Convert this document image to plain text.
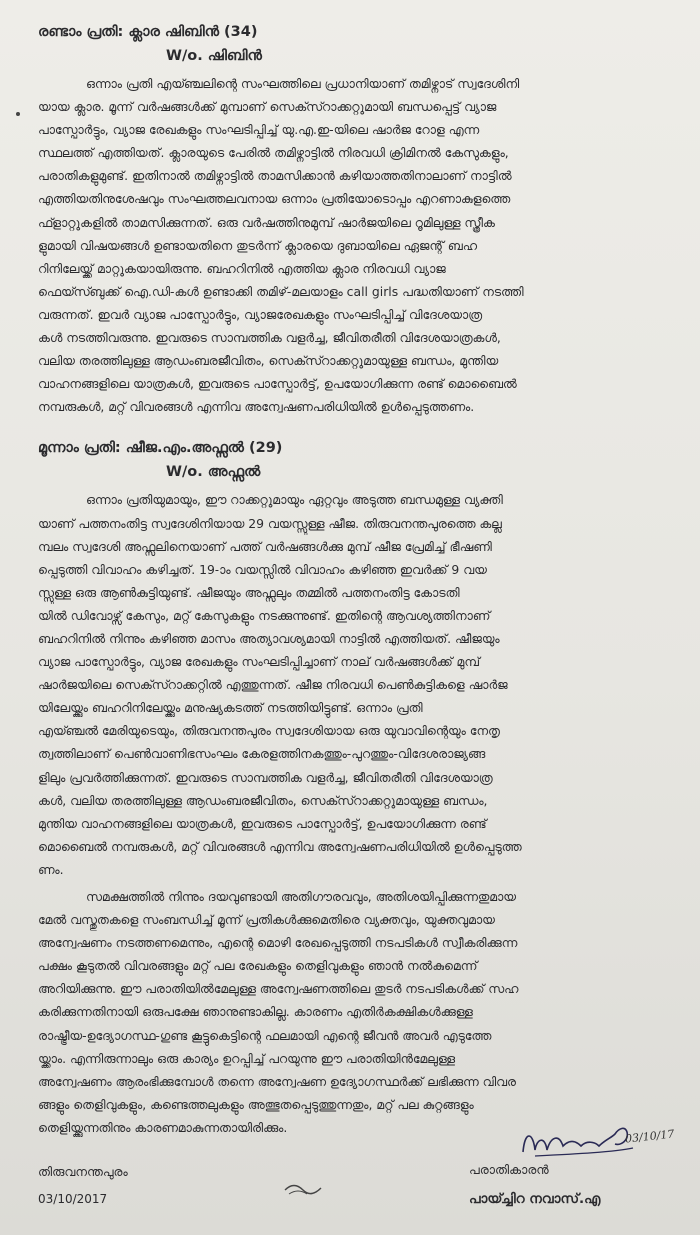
രണ്ടാം പ്രതി: ക്ലാര ഷിബിൻ (34)
W/o. ഷിബിൻ
ഒന്നാം പ്രതി എയ്ഞ്ചലിന്റെ സംഘത്തിലെ പ്രധാനിയാണ് തമിഴ്നാട് സ്വദേശിനി
യായ ക്ലാര. മൂന്ന് വർഷങ്ങൾക്ക് മുമ്പാണ് സെക്സ്റാക്കറ്റുമായി ബന്ധപ്പെട്ട് വ്യാജ
പാസ്പോർട്ടും, വ്യാജ രേഖകളും സംഘടിപ്പിച്ച് യു.എ.ഇ-യിലെ ഷാർജ റോള എന്ന
സ്ഥലത്ത് എത്തിയത്. ക്ലാരയുടെ പേരിൽ തമിഴ്നാട്ടിൽ നിരവധി ക്രിമിനൽ കേസുകളും,
പരാതികളുമുണ്ട്. ഇതിനാൽ തമിഴ്നാട്ടിൽ താമസിക്കാൻ കഴിയാത്തതിനാലാണ് നാട്ടിൽ
എത്തിയതിനുശേഷവും സംഘത്തലവനായ ഒന്നാം പ്രതിയോടൊപ്പം എറണാകുളത്തെ
ഫ്ളാറ്റുകളിൽ താമസിക്കുന്നത്. ഒരു വർഷത്തിനുമുമ്പ് ഷാർജയിലെ റൂമിലുള്ള സ്ത്രീക
ളുമായി വിഷയങ്ങൾ ഉണ്ടായതിനെ തുടർന്ന് ക്ലാരയെ ദുബായിലെ ഏജന്റ് ബഹ
റിനിലേയ്ക്ക് മാറ്റുകയായിരുന്നു. ബഹറിനിൽ എത്തിയ ക്ലാര നിരവധി വ്യാജ
ഫെയ്സ്ബുക്ക് ഐ.ഡി-കൾ ഉണ്ടാക്കി തമിഴ്-മലയാളം call girls പദ്ധതിയാണ് നടത്തി
വരുന്നത്. ഇവർ വ്യാജ പാസ്പോർട്ടും, വ്യാജരേഖകളും സംഘടിപ്പിച്ച് വിദേശയാത്ര
കൾ നടത്തിവരുന്നു. ഇവരുടെ സാമ്പത്തിക വളർച്ച, ജീവിതരീതി വിദേശയാത്രകൾ,
വലിയ തരത്തിലുള്ള ആഡംബരജീവിതം, സെക്സ്റാക്കറ്റുമായുള്ള ബന്ധം, മുന്തിയ
വാഹനങ്ങളിലെ യാത്രകൾ, ഇവരുടെ പാസ്പോർട്ട്, ഉപയോഗിക്കുന്ന രണ്ട് മൊബൈൽ
നമ്പരുകൾ, മറ്റ് വിവരങ്ങൾ എന്നിവ അന്വേഷണപരിധിയിൽ ഉൾപ്പെടുത്തണം.
മൂന്നാം പ്രതി: ഷീജ.എം.അഫ്സൽ (29)
W/o. അഫ്സൽ
ഒന്നാം പ്രതിയുമായും, ഈ റാക്കറ്റുമായും ഏറ്റവും അടുത്ത ബന്ധമുള്ള വ്യക്തി
യാണ് പത്തനംതിട്ട സ്വദേശിനിയായ 29 വയസ്സുള്ള ഷീജ. തിരുവനന്തപുരത്തെ കല്ല
മ്പലം സ്വദേശി അഫ്സലിനെയാണ് പത്ത് വർഷങ്ങൾക്കു മുമ്പ് ഷീജ പ്രേമിച്ച് ഭീഷണി
പ്പെടുത്തി വിവാഹം കഴിച്ചത്. 19-ാം വയസ്സിൽ വിവാഹം കഴിഞ്ഞ ഇവർക്ക് 9 വയ
സ്സുള്ള ഒരു ആൺകുട്ടിയുണ്ട്. ഷീജയും അഫ്സലും തമ്മിൽ പത്തനംതിട്ട കോടതി
യിൽ ഡിവോഴ്സ് കേസും, മറ്റ് കേസുകളും നടക്കുന്നുണ്ട്. ഇതിന്റെ ആവശ്യത്തിനാണ്
ബഹറിനിൽ നിന്നും കഴിഞ്ഞ മാസം അത്യാവശ്യമായി നാട്ടിൽ എത്തിയത്. ഷീജയും
വ്യാജ പാസ്പോർട്ടും, വ്യാജ രേഖകളും സംഘടിപ്പിച്ചാണ് നാല് വർഷങ്ങൾക്ക് മുമ്പ്
ഷാർജയിലെ സെക്സ്റാക്കറ്റിൽ എത്തുന്നത്. ഷീജ നിരവധി പെൺകുട്ടികളെ ഷാർജ
യിലേയ്ക്കും ബഹറിനിലേയ്ക്കും മനുഷ്യകടത്ത് നടത്തിയിട്ടുണ്ട്. ഒന്നാം പ്രതി
എയ്ഞ്ചൽ മേരിയുടെയും, തിരുവനന്തപുരം സ്വദേശിയായ ഒരു യുവാവിന്റെയും നേതൃ
ത്വത്തിലാണ് പെൺവാണിഭസംഘം കേരളത്തിനകത്തും-പുറത്തും-വിദേശരാജ്യങ്ങ
ളിലും പ്രവർത്തിക്കുന്നത്. ഇവരുടെ സാമ്പത്തിക വളർച്ച, ജീവിതരീതി വിദേശയാത്ര
കൾ, വലിയ തരത്തിലുള്ള ആഡംബരജീവിതം, സെക്സ്റാക്കറ്റുമായുള്ള ബന്ധം,
മുന്തിയ വാഹനങ്ങളിലെ യാത്രകൾ, ഇവരുടെ പാസ്പോർട്ട്, ഉപയോഗിക്കുന്ന രണ്ട്
മൊബൈൽ നമ്പരുകൾ, മറ്റ് വിവരങ്ങൾ എന്നിവ അന്വേഷണപരിധിയിൽ ഉൾപ്പെടുത്ത
ണം.
സമക്ഷത്തിൽ നിന്നും ദയവുണ്ടായി അതിഗൗരവവും, അതിശയിപ്പിക്കുന്നതുമായ
മേൽ വസ്തുതകളെ സംബന്ധിച്ച് മൂന്ന് പ്രതികൾക്കുമെതിരെ വ്യക്തവും, യുക്തവുമായ
അന്വേഷണം നടത്തണമെന്നും, എന്റെ മൊഴി രേഖപ്പെടുത്തി നടപടികൾ സ്വീകരിക്കുന്ന
പക്ഷം കൂടുതൽ വിവരങ്ങളും മറ്റ് പല രേഖകളും തെളിവുകളും ഞാൻ നൽകുമെന്ന്
അറിയിക്കുന്നു. ഈ പരാതിയിൽമേലുള്ള അന്വേഷണത്തിലെ തുടർ നടപടികൾക്ക് സഹ
കരിക്കുന്നതിനായി ഒരുപക്ഷേ ഞാനുണ്ടാകില്ല. കാരണം എതിർകക്ഷികൾക്കുള്ള
രാഷ്ട്രീയ-ഉദ്യോഗസ്ഥ-ഗുണ്ട കൂട്ടുകെട്ടിന്റെ ഫലമായി എന്റെ ജീവൻ അവർ എടുത്തേ
യ്ക്കാം. എന്നിരുന്നാലും ഒരു കാര്യം ഉറപ്പിച്ച് പറയുന്നു ഈ പരാതിയിൻമേലുള്ള
അന്വേഷണം ആരംഭിക്കുമ്പോൾ തന്നെ അന്വേഷണ ഉദ്യോഗസ്ഥർക്ക് ലഭിക്കുന്ന വിവര
ങ്ങളും തെളിവുകളും, കണ്ടെത്തലുകളും അത്ഭുതപ്പെടുത്തുന്നതും, മറ്റ് പല കുറ്റങ്ങളും
തെളിയ്ക്കുന്നതിനും കാരണമാകുന്നതായിരിക്കും.
03/10/17
തിരുവനന്തപുരം
03/10/2017
പരാതികാരൻ
പായ്ച്ചിറ നവാസ്.എ
